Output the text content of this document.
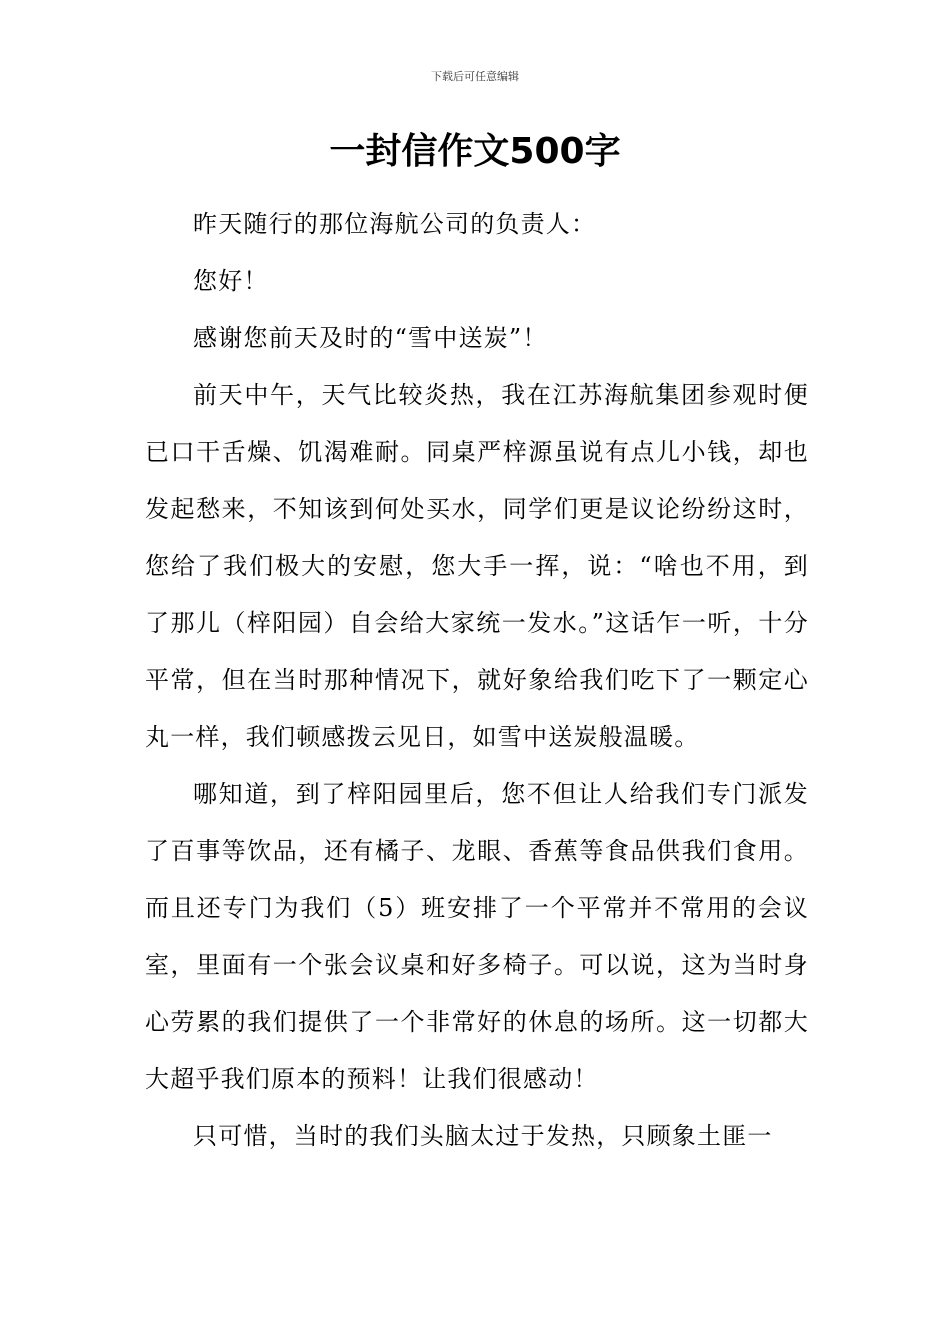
下载后可任意编辑
一封信作文500字

昨天随行的那位海航公司的负责人：

您好！

感谢您前天及时的“雪中送炭”！

前天中午，天气比较炎热，我在江苏海航集团参观时便已口干舌燥、饥渴难耐。同桌严梓源虽说有点儿小钱，却也发起愁来，不知该到何处买水，同学们更是议论纷纷这时，您给了我们极大的安慰，您大手一挥，说：“啥也不用，到了那儿（梓阳园）自会给大家统一发水。”这话乍一听，十分平常，但在当时那种情况下，就好象给我们吃下了一颗定心丸一样，我们顿感拨云见日，如雪中送炭般温暖。

哪知道，到了梓阳园里后，您不但让人给我们专门派发了百事等饮品，还有橘子、龙眼、香蕉等食品供我们食用。而且还专门为我们（5）班安排了一个平常并不常用的会议室，里面有一个张会议桌和好多椅子。可以说，这为当时身心劳累的我们提供了一个非常好的休息的场所。这一切都大大超乎我们原本的预料！让我们很感动！

只可惜，当时的我们头脑太过于发热，只顾象土匪一
